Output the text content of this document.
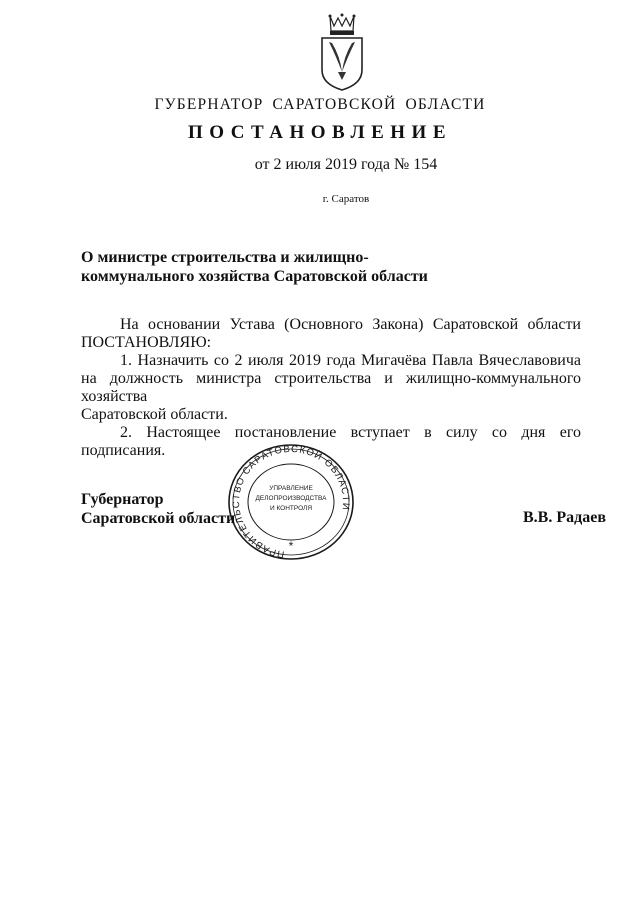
ГУБЕРНАТОР САРАТОВСКОЙ ОБЛАСТИ
ПОСТАНОВЛЕНИЕ
от 2 июля 2019 года № 154
г. Саратов
О министре строительства и жилищно-
коммунального хозяйства Саратовской области

На основании Устава (Основного Закона) Саратовской области

ПОСТАНОВЛЯЮ:

1. Назначить со 2 июля 2019 года Мигачёва Павла Вячеславовича

на должность министра строительства и жилищно-коммунального хозяйства

Саратовской области.

2. Настоящее постановление вступает в силу со дня его подписания.

ПРАВИТЕЛЬСТВО САРАТОВСКОЙ ОБЛАСТИ
УПРАВЛЕНИЕ
ДЕЛОПРОИЗВОДСТВА
И КОНТРОЛЯ
*
Губернатор
Саратовской области	В.В. Радаев
